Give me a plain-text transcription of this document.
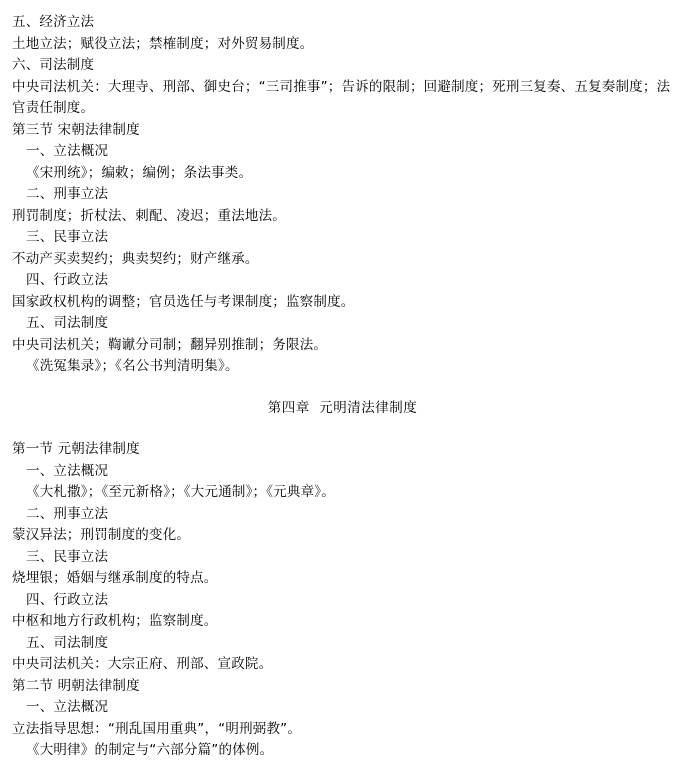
五、经济立法
土地立法；赋役立法；禁榷制度；对外贸易制度。
六、司法制度
中央司法机关：大理寺、刑部、御史台；“三司推事”；告诉的限制；回避制度；死刑三复奏、五复奏制度；法官责任制度。
第三节 宋朝法律制度
一、立法概况
《宋刑统》；编敕；编例；条法事类。
二、刑事立法
刑罚制度；折杖法、刺配、凌迟；重法地法。
三、民事立法
不动产买卖契约；典卖契约；财产继承。
四、行政立法
国家政权机构的调整；官员选任与考课制度；监察制度。
五、司法制度
中央司法机关；鞫谳分司制；翻异别推制；务限法。
《洗冤集录》；《名公书判清明集》。
第四章  元明清法律制度
第一节 元朝法律制度
一、立法概况
《大札撒》；《至元新格》；《大元通制》；《元典章》。
二、刑事立法
蒙汉异法；刑罚制度的变化。
三、民事立法
烧埋银；婚姻与继承制度的特点。
四、行政立法
中枢和地方行政机构；监察制度。
五、司法制度
中央司法机关：大宗正府、刑部、宣政院。
第二节 明朝法律制度
一、立法概况
立法指导思想：“刑乱国用重典”，“明刑弼教”。
《大明律》的制定与“六部分篇”的体例。
